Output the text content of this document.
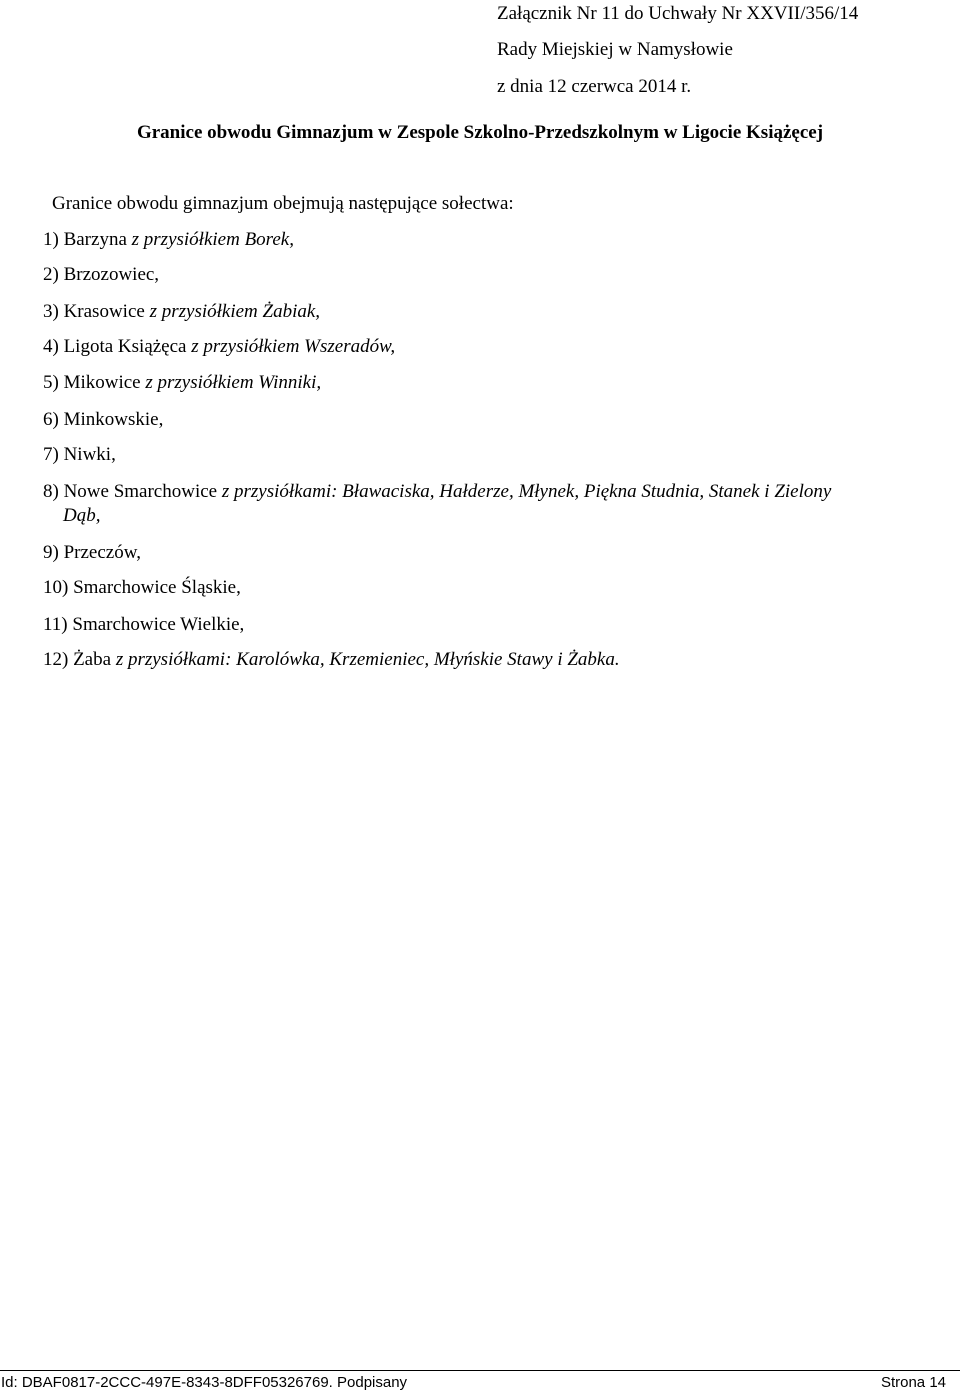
Załącznik Nr 11 do Uchwały Nr XXVII/356/14
Rady Miejskiej w Namysłowie
z dnia 12 czerwca 2014 r.
Granice obwodu Gimnazjum w Zespole Szkolno-Przedszkolnym w Ligocie Książęcej
Granice obwodu gimnazjum obejmują następujące sołectwa:
1) Barzyna z przysiółkiem Borek,
2) Brzozowiec,
3) Krasowice z przysiółkiem Żabiak,
4) Ligota Książęca z przysiółkiem Wszeradów,
5) Mikowice z przysiółkiem Winniki,
6) Minkowskie,
7) Niwki,
8) Nowe Smarchowice z przysiółkami: Bławaciska, Hałderze, Młynek, Piękna Studnia, Stanek i Zielony
Dąb,
9) Przeczów,
10) Smarchowice Śląskie,
11) Smarchowice Wielkie,
12) Żaba z przysiółkami: Karolówka, Krzemieniec, Młyńskie Stawy i Żabka.
Id: DBAF0817-2CCC-497E-8343-8DFF05326769. Podpisany	Strona 14
